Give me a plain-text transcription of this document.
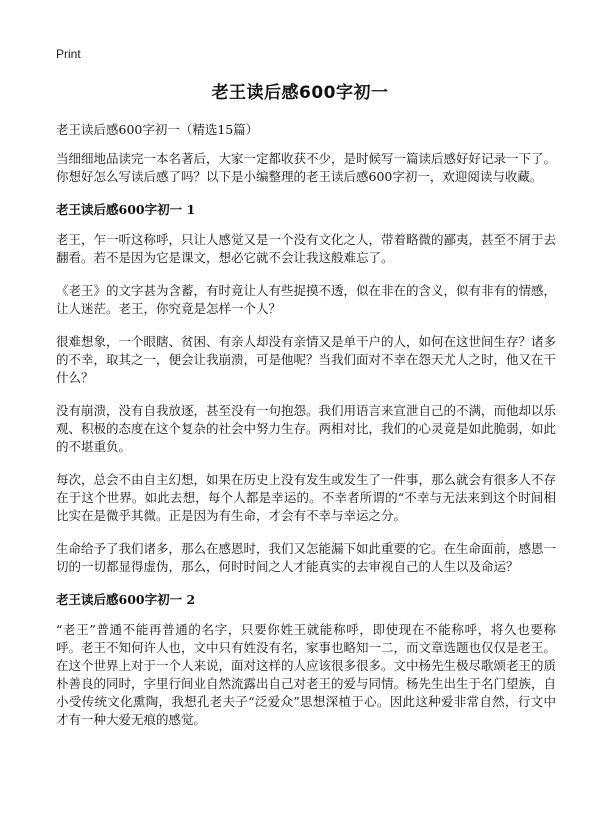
Print
老王读后感600字初一

老王读后感600字初一（精选15篇）

当细细地品读完一本名著后，大家一定都收获不少，是时候写一篇读后感好好记录一下了。你想好怎么写读后感了吗？以下是小编整理的老王读后感600字初一，欢迎阅读与收藏。

老王读后感600字初一 1

老王，乍一听这称呼，只让人感觉又是一个没有文化之人，带着略微的鄙夷，甚至不屑于去翻看。若不是因为它是课文，想必它就不会让我这般难忘了。

《老王》的文字甚为含蓄，有时竟让人有些捉摸不透，似在非在的含义，似有非有的情感，让人迷茫。老王，你究竟是怎样一个人？

很难想象，一个眼瞎、贫困、有亲人却没有亲情又是单干户的人，如何在这世间生存？诸多的不幸，取其之一，便会让我崩溃，可是他呢？当我们面对不幸在怨天尤人之时，他又在干什么？

没有崩溃，没有自我放逐，甚至没有一句抱怨。我们用语言来宣泄自己的不满，而他却以乐观、积极的态度在这个复杂的社会中努力生存。两相对比，我们的心灵竟是如此脆弱，如此的不堪重负。

每次，总会不由自主幻想，如果在历史上没有发生或发生了一件事，那么就会有很多人不存在于这个世界。如此去想，每个人都是幸运的。不幸者所谓的“不幸与无法来到这个时间相比实在是微乎其微。正是因为有生命，才会有不幸与幸运之分。

生命给予了我们诸多，那么在感恩时，我们又怎能漏下如此重要的它。在生命面前，感恩一切的一切都显得虚伪，那么，何时时间之人才能真实的去审视自己的人生以及命运？

老王读后感600字初一 2

“老王”普通不能再普通的名字，只要你姓王就能称呼，即使现在不能称呼，将久也要称呼。老王不知何许人也，文中只有姓没有名，家事也略知一二，而文章选题也仅仅是老王。在这个世界上对于一个人来说，面对这样的人应该很多很多。文中杨先生极尽歌颂老王的质朴善良的同时，字里行间业自然流露出自己对老王的爱与同情。杨先生出生于名门望族，自小受传统文化熏陶，我想孔老夫子“泛爱众”思想深植于心。因此这种爱非常自然，行文中才有一种大爱无痕的感觉。
